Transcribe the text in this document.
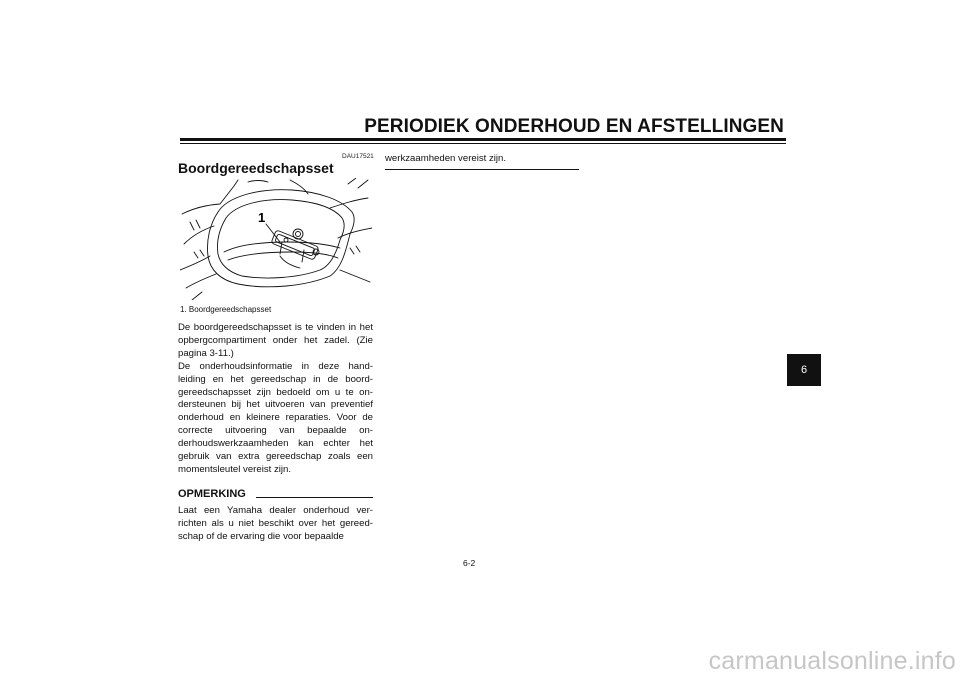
PERIODIEK ONDERHOUD EN AFSTELLINGEN
DAU17521
Boordgereedschapsset
1
1. Boordgereedschapsset

De boordgereedschapsset is te vinden in het opbergcompartiment onder het zadel. (Zie pagina 3-11.)

De onderhoudsinformatie in deze hand-leiding en het gereedschap in de boord-gereedschapsset zijn bedoeld om u te on-dersteunen bij het uitvoeren van preventief onderhoud en kleinere reparaties. Voor de correcte uitvoering van bepaalde on-derhoudswerkzaamheden kan echter het gebruik van extra gereedschap zoals een momentsleutel vereist zijn.

OPMERKING

Laat een Yamaha dealer onderhoud ver-richten als u niet beschikt over het gereed-schap of de ervaring die voor bepaalde

werkzaamheden vereist zijn.
6-2
6
carmanualsonline.info
